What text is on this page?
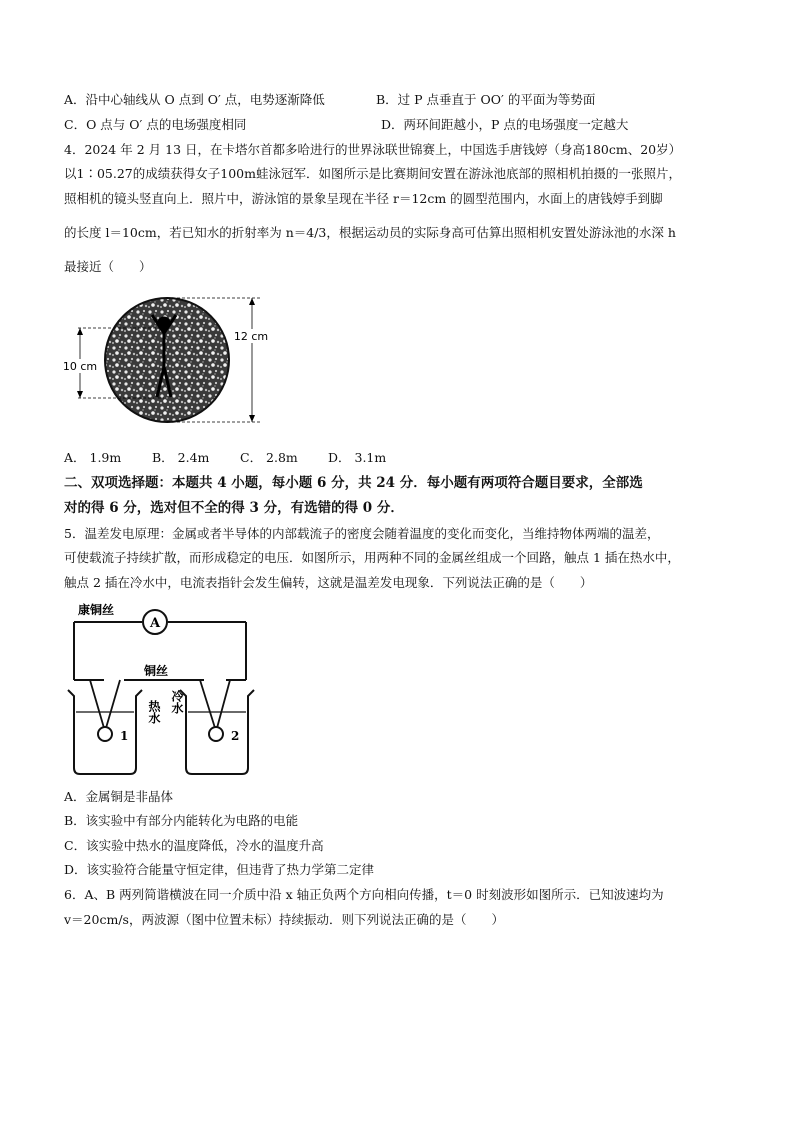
A．沿中心轴线从 O 点到 O′ 点，电势逐渐降低	B．过 P 点垂直于 OO′ 的平面为等势面
C．O 点与 O′ 点的电场强度相同	D．两环间距越小，P 点的电场强度一定越大
4．2024 年 2 月 13 日，在卡塔尔首都多哈进行的世界泳联世锦赛上，中国选手唐钱婷（身高180cm、20岁）
以1∶05.27的成绩获得女子100m蛙泳冠军．如图所示是比赛期间安置在游泳池底部的照相机拍摄的一张照片，
照相机的镜头竖直向上．照片中，游泳馆的景象呈现在半径 r＝12cm 的圆型范围内，水面上的唐钱婷手到脚
的长度 l＝10cm，若已知水的折射率为 n＝4/3，根据运动员的实际身高可估算出照相机安置处游泳池的水深 h
最接近（　　）
12 cm
10 cm
A． 1.9m B． 2.4m C． 2.8m D． 3.1m
二、双项选择题：本题共 4 小题，每小题 6 分，共 24 分．每小题有两项符合题目要求，全部选
对的得 6 分，选对但不全的得 3 分，有选错的得 0 分．
5．温差发电原理：金属或者半导体的内部载流子的密度会随着温度的变化而变化，当维持物体两端的温差，
可使载流子持续扩散，而形成稳定的电压．如图所示，用两种不同的金属丝组成一个回路，触点 1 插在热水中，
触点 2 插在冷水中，电流表指针会发生偏转，这就是温差发电现象．下列说法正确的是（　　）
A
康铜丝
铜丝
1	2
热水 冷水
A．金属铜是非晶体
B．该实验中有部分内能转化为电路的电能
C．该实验中热水的温度降低，冷水的温度升高
D．该实验符合能量守恒定律，但违背了热力学第二定律
6．A、B 两列简谐横波在同一介质中沿 x 轴正负两个方向相向传播，t＝0 时刻波形如图所示．已知波速均为
v＝20cm/s，两波源（图中位置未标）持续振动．则下列说法正确的是（　　）
